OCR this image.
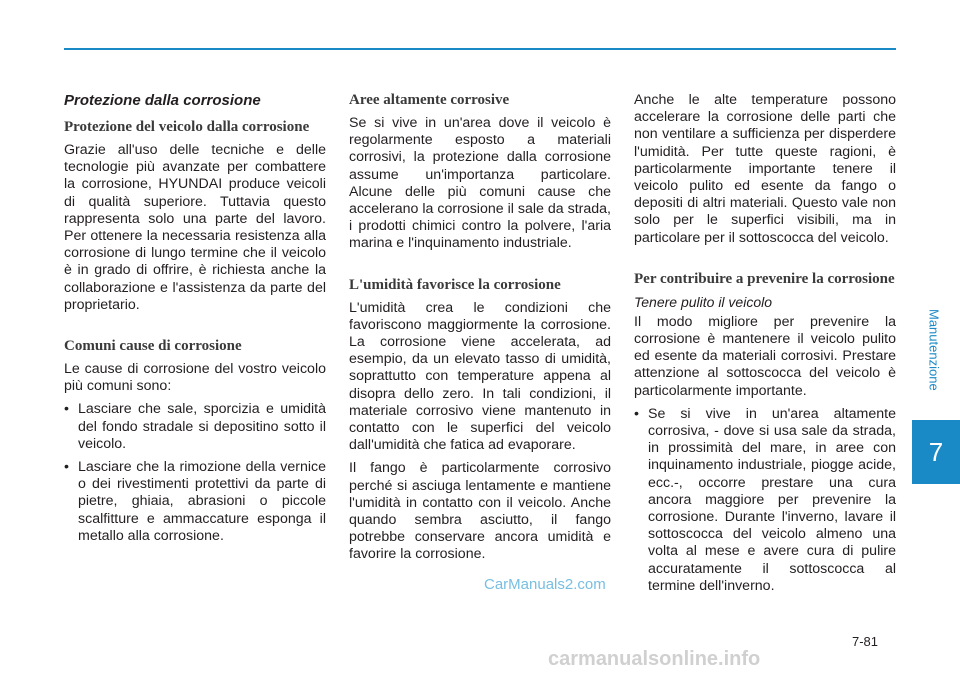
Protezione dalla corrosione
Protezione del veicolo dalla corrosione

Grazie all'uso delle tecniche e delle tecnologie più avanzate per combattere la corrosione, HYUNDAI produce veicoli di qualità superiore. Tuttavia questo rappresenta solo una parte del lavoro. Per ottenere la necessaria resistenza alla corrosione di lungo termine che il veicolo è in grado di offrire, è richiesta anche la collaborazione e l'assistenza da parte del proprietario.

Comuni cause di corrosione

Le cause di corrosione del vostro veicolo più comuni sono:

• Lasciare che sale, sporcizia e umidità del fondo stradale si depositino sotto il veicolo.
• Lasciare che la rimozione della vernice o dei rivestimenti protettivi da parte di pietre, ghiaia, abrasioni o piccole scalfitture e ammaccature esponga il metallo alla corrosione.
Aree altamente corrosive

Se si vive in un'area dove il veicolo è regolarmente esposto a materiali corrosivi, la protezione dalla corrosione assume un'importanza particolare. Alcune delle più comuni cause che accelerano la corrosione il sale da strada, i prodotti chimici contro la polvere, l'aria marina e l'inquinamento industriale.

L'umidità favorisce la corrosione

L'umidità crea le condizioni che favoriscono maggiormente la corrosione. La corrosione viene accelerata, ad esempio, da un elevato tasso di umidità, soprattutto con temperature appena al disopra dello zero. In tali condizioni, il materiale corrosivo viene mantenuto in contatto con le superfici del veicolo dall'umidità che fatica ad evaporare.

Il fango è particolarmente corrosivo perché si asciuga lentamente e mantiene l'umidità in contatto con il veicolo. Anche quando sembra asciutto, il fango potrebbe conservare ancora umidità e favorire la corrosione.

Anche le alte temperature possono accelerare la corrosione delle parti che non ventilare a sufficienza per disperdere l'umidità. Per tutte queste ragioni, è particolarmente importante tenere il veicolo pulito ed esente da fango o depositi di altri materiali. Questo vale non solo per le superfici visibili, ma in particolare per il sottoscocca del veicolo.

Per contribuire a prevenire la corrosione
Tenere pulito il veicolo

Il modo migliore per prevenire la corrosione è mantenere il veicolo pulito ed esente da materiali corrosivi. Prestare attenzione al sottoscocca del veicolo è particolarmente importante.

• Se si vive in un'area altamente corrosiva, - dove si usa sale da strada, in prossimità del mare, in aree con inquinamento industriale, piogge acide, ecc.-, occorre prestare una cura ancora maggiore per prevenire la corrosione. Durante l'inverno, lavare il sottoscocca del veicolo almeno una volta al mese e avere cura di pulire accuratamente il sottoscocca al termine dell'inverno.
Manutenzione
7
7-81
CarManuals2.com
carmanualsonline.info
